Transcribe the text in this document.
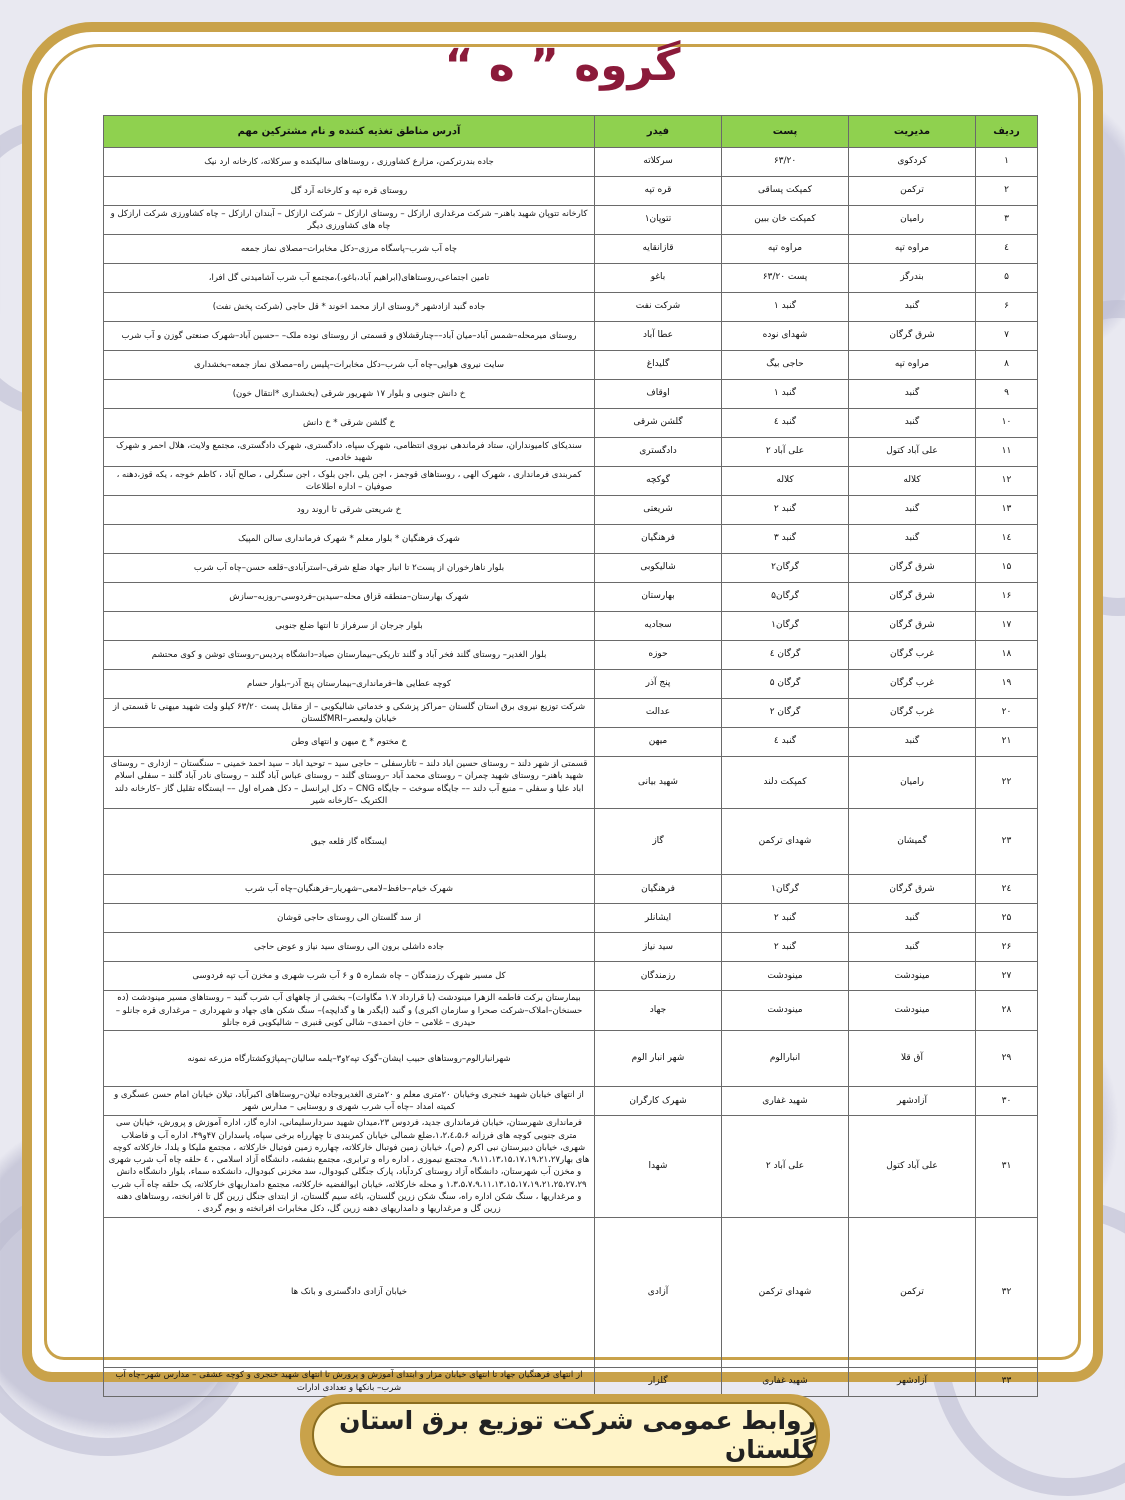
گروه ” ه “
ردیف	مدیریت	پست	فیدر	آدرس مناطق تغذیه کننده و نام مشترکین مهم
۱	کردکوی	۶۳/۲۰	سرکلاته	جاده بندرترکمن، مزارع کشاورزی ، روستاهای سالیکنده و سرکلاته، کارخانه ارد نیک
۲	ترکمن	کمپکت پساقی	قره تپه	روستای قره تپه و کارخانه آرد گل
۳	رامیان	کمپکت خان ببین	تتوپان۱	کارخانه تتوپان شهید باهنر– شرکت مرغداری ارازکل – روستای ارازکل – شرکت ارازکل – آبندان ارازکل – چاه کشاورزی شرکت ارازکل و چاه های کشاورزی دیگر
٤	مراوه تپه	مراوه تپه	قازانقایه	چاه آب شرب–پاسگاه مرزی–دکل مخابرات–مصلای نماز جمعه
۵	بندرگز	پست ۶۳/۲۰	باغو	تامین اجتماعی،روستاهای(ابراهیم آباد،باغو،)،مجتمع آب شرب آشامیدنی گل افرا،
۶	گنبد	گنبد ۱	شرکت نفت	جاده گنبد ازادشهر *روستای اراز محمد اخوند * قل حاجی (شرکت پخش نفت)
۷	شرق گرگان	شهدای نوده	عطا آباد	روستای میرمحله–شمس آباد–میان آباد––چنارقشلاق و قسمتی از روستای نوده ملک– –حسین آباد–شهرک صنعتی گوزن و آب شرب
۸	مراوه تپه	حاجی بیگ	گلیداغ	سایت نیروی هوایی–چاه آب شرب–دکل مخابرات–پلیس راه–مصلای نماز جمعه–بخشداری
۹	گنبد	گنبد ۱	اوقاف	خ دانش جنوبی و بلوار ۱۷ شهریور شرقی (بخشداری *انتقال خون)
۱۰	گنبد	گنبد ٤	گلشن شرقی	خ گلشن شرقی * خ دانش
۱۱	علی آباد کتول	علی آباد ۲	دادگستری	سندیکای کامیونداران، ستاد فرماندهی نیروی انتظامی، شهرک سپاه، دادگستری، شهرک دادگستری، مجتمع ولایت، هلال احمر و شهرک شهید خادمی.
۱۲	کلاله	کلاله	گوکچه	کمربندی فرمانداری ، شهرک الهی ، روستاهای قوجمز ، اجن یلی ،اجن بلوک ، اجن سنگرلی ، صالح آباد ، کاظم خوجه ، یکه قوز،دهنه ، صوفیان – اداره اطلاعات
۱۳	گنبد	گنبد ۲	شریعتی	خ شریعتی شرقی تا اروند رود
۱٤	گنبد	گنبد ۳	فرهنگیان	شهرک فرهنگیان * بلوار معلم * شهرک فرمانداری سالن المپیک
۱۵	شرق گرگان	گرگان۲	شالیکوبی	بلوار ناهارخوران از پست۲ تا انبار جهاد ضلع شرقی–استرآبادی–قلعه حسن–چاه آب شرب
۱۶	شرق گرگان	گرگان۵	بهارستان	شهرک بهارستان–منطقه قزاق محله–سیدین–فردوسی–روزبه–سازش
۱۷	شرق گرگان	گرگان۱	سجادیه	بلوار جرجان از سرفراز تا انتها ضلع جنوبی
۱۸	غرب گرگان	گرگان ٤	حوزه	بلوار الغدیر– روستای گلند فخر آباد و گلند تاریکی–بیمارستان صیاد–دانشگاه پردیس–روستای توشن و کوی محتشم
۱۹	غرب گرگان	گرگان ۵	پنج آذر	کوچه عطایی ها–فرمانداری–بیمارستان پنج آذر–بلوار حسام
۲۰	غرب گرگان	گرگان ۲	عدالت	شرکت توزیع نیروی برق استان گلستان –مراکز پزشکی و خدماتی شالیکوبی – از مقابل پست ۶۳/۲۰ کیلو ولت شهید میهنی تا قسمتی از خیابان ولیعصر–MRIگلستان
۲۱	گنبد	گنبد ٤	میهن	خ مختوم * خ میهن و انتهای وطن
۲۲	رامیان	کمپکت دلند	شهید بیانی	قسمتی از شهر دلند – روستای حسین اباد دلند – تاتارسفلی – حاجی سید – توحید اباد – سید احمد خمینی – سنگستان – ازداری – روستای شهید باهنر– روستای شهید چمران – روستای محمد آباد –روستای گلند – روستای عباس آباد گلند – روستای نادر آباد گلند – سفلی اسلام اباد علیا و سفلی – منبع آب دلند –– جایگاه سوخت – جایگاه CNG – دکل ایرانسل – دکل همراه اول –– ایستگاه تقلیل گاز –کارخانه دلند الکتریک –کارخانه شیر
۲۳	گمیشان	شهدای ترکمن	گاز	ایستگاه گاز قلعه جیق
۲٤	شرق گرگان	گرگان۱	فرهنگیان	شهرک خیام–حافظ–لامعی–شهریار–فرهنگیان–چاه آب شرب
۲۵	گنبد	گنبد ۲	ایشانلر	از سد گلستان الی روستای حاجی قوشان
۲۶	گنبد	گنبد ۲	سید نیاز	جاده داشلی برون الی روستای سید نیاز و عوض حاجی
۲۷	مینودشت	مینودشت	رزمندگان	کل مسیر شهرک رزمندگان – چاه شماره ۵ و ۶ آب شرب شهری و مخزن آب تپه فردوسی
۲۸	مینودشت	مینودشت	جهاد	بیمارستان برکت فاطمه الزهرا مینودشت (با قرارداد ۱.۷ مگاوات)– بخشی از چاههای آب شرب گنبد – روستاهای مسیر مینودشت (ده حسنخان–املاک–شرکت صحرا و سازمان اکبری) و گنبد (ایگدر ها و گدایچه)– سنگ شکن های جهاد و شهرداری – مرغداری قره جانلو – حیدری – غلامی – خان احمدی– شالی کوبی قنبری – شالیکوبی قره جانلو
۲۹	آق قلا	انبارالوم	شهر انبار الوم	شهرانبارالوم–روستاهای حبیب ایشان–گوک تپه۲و۳–یلمه سالیان–پمپاژوکشتارگاه مزرعه نمونه
۳۰	آزادشهر	شهید غفاری	شهرک کارگران	از انتهای خیابان شهید خنجری وخیابان ۲۰متری معلم و ۲۰متری الغدیروجاده تیلان–روستاهای اکبرآباد، تیلان خیابان امام حسن عسگری و کمیته امداد –چاه آب شرب شهری و روستایی – مدارس شهر
۳۱	علی آباد کتول	علی آباد ۲	شهدا	فرمانداری شهرستان، خیابان فرمانداری جدید، فردوس ۲۳،میدان شهید سردارسلیمانی، اداره گاز، اداره آموزش و پرورش، خیابان سی متری جنوبی کوچه های فرزانه ۱،۲،٤،۵،۶،ضلع شمالی خیابان کمربندی تا چهارراه برخی سپاه، پاسداران ۴۷و۴۹، اداره آب و فاضلاب شهری، خیابان دبیرستان نبی اکرم (ص)، خیابان زمین فوتبال خارکلاته، چهارره زمین فوتبال خارکلاته ، مجتمع ملیکا و یلدا، خارکلاته کوچه های بهار۹،۱۱،۱۳،۱۵،۱۷،۱۹،۲۱،۲۷، مجتمع نیموزی ، اداره راه و ترابری، مجتمع بنفشه، دانشگاه آزاد اسلامی ، ٤ حلقه چاه آب شرب شهری و مخزن آب شهرستان، دانشگاه آزاد روستای کردآباد، پارک جنگلی کبودوال، سد مخزنی کبودوال، دانشکده سماء، بلوار دانشگاه دانش ۱،۳،۵،۷،۹،۱۱،۱۳،۱۵،۱۷،۱۹،۲۱،۲۵،۲۷،۲۹ و محله خارکلاته، خیابان ابوالفضیه خارکلاته، مجتمع دامداریهای خارکلاته، یک حلقه چاه آب شرب و مرغداریها ، سنگ شکن اداره راه، سنگ شکن زرین گلستان، باغه سیم گلستان، از ابتدای جنگل زرین گل تا افرانخته، روستاهای دهنه زرین گل و مرغداریها و دامداریهای دهنه زرین گل، دکل مخابرات افرانخته و بوم گردی .
۳۲	ترکمن	شهدای ترکمن	آزادی	خیابان آزادی دادگستری و بانک ها
۳۳	آزادشهر	شهید غفاری	گلزار	از انتهای فرهنگیان جهاد تا انتهای خیابان مزار و ابتدای آموزش و پرورش تا انتهای شهید خنجری و کوچه عشقی – مدارس شهر–چاه آب شرب– بانکها و تعدادی ادارات
روابط عمومی شرکت توزیع برق استان گلستان
